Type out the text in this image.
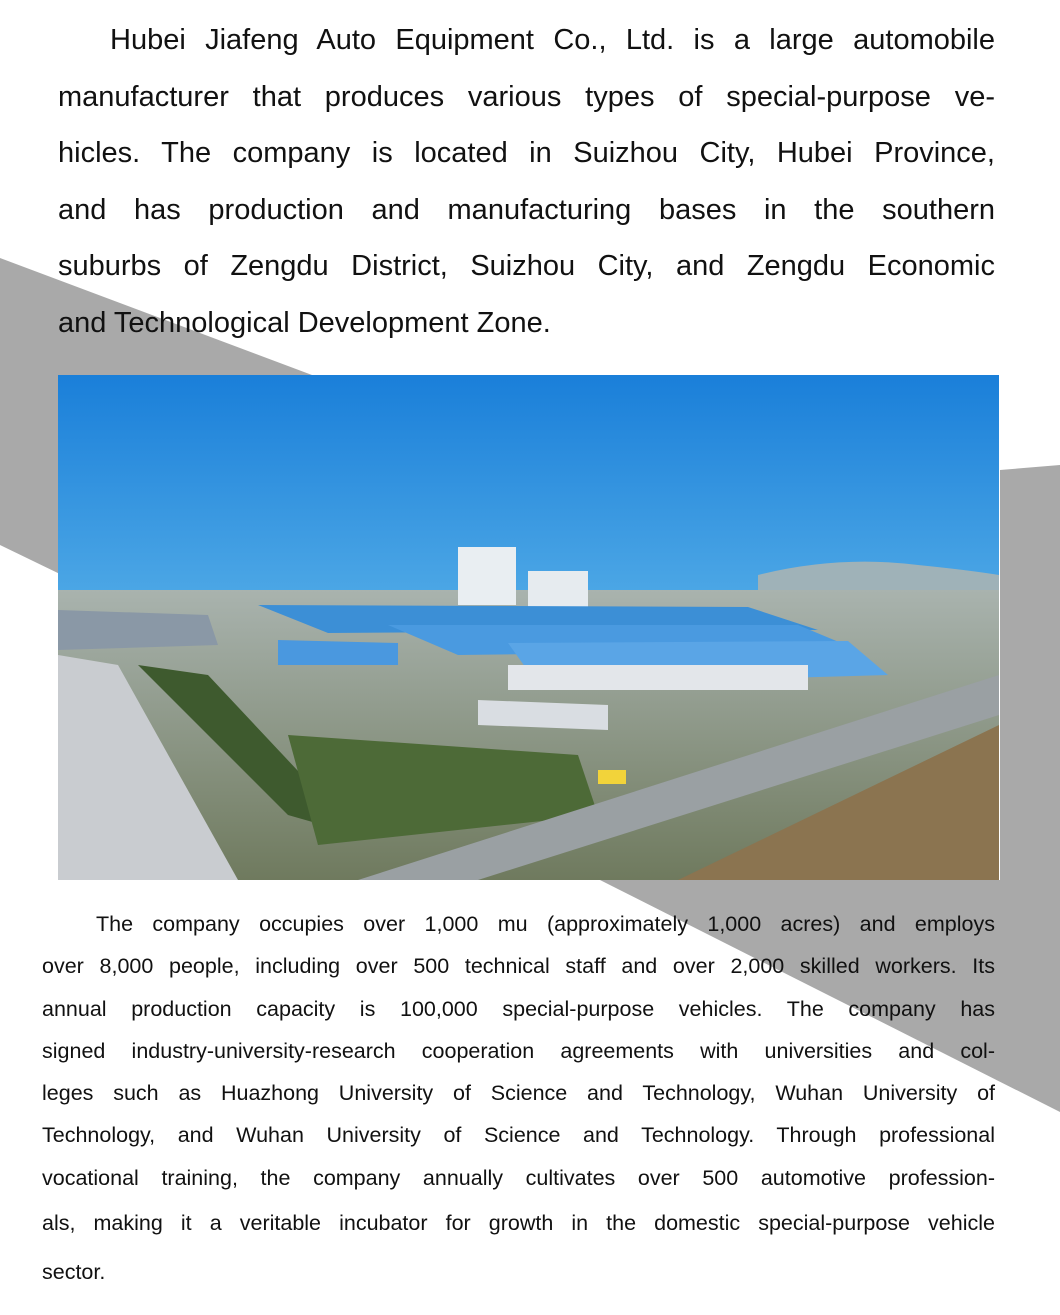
Hubei Jiafeng Auto Equipment Co., Ltd. is a large automobile
manufacturer that produces various types of special-purpose ve-
hicles. The company is located in Suizhou City, Hubei Province,
and has production and manufacturing bases in the southern
suburbs of Zengdu District, Suizhou City, and Zengdu Economic
and Technological Development Zone.
The company occupies over 1,000 mu (approximately 1,000 acres) and employs
over 8,000 people, including over 500 technical staff and over 2,000 skilled workers. Its
annual production capacity is 100,000 special-purpose vehicles. The company has
signed industry-university-research cooperation agreements with universities and col-
leges such as Huazhong University of Science and Technology, Wuhan University of
Technology, and Wuhan University of Science and Technology. Through professional
vocational training, the company annually cultivates over 500 automotive profession-
als, making it a veritable incubator for growth in the domestic special-purpose vehicle
sector.
